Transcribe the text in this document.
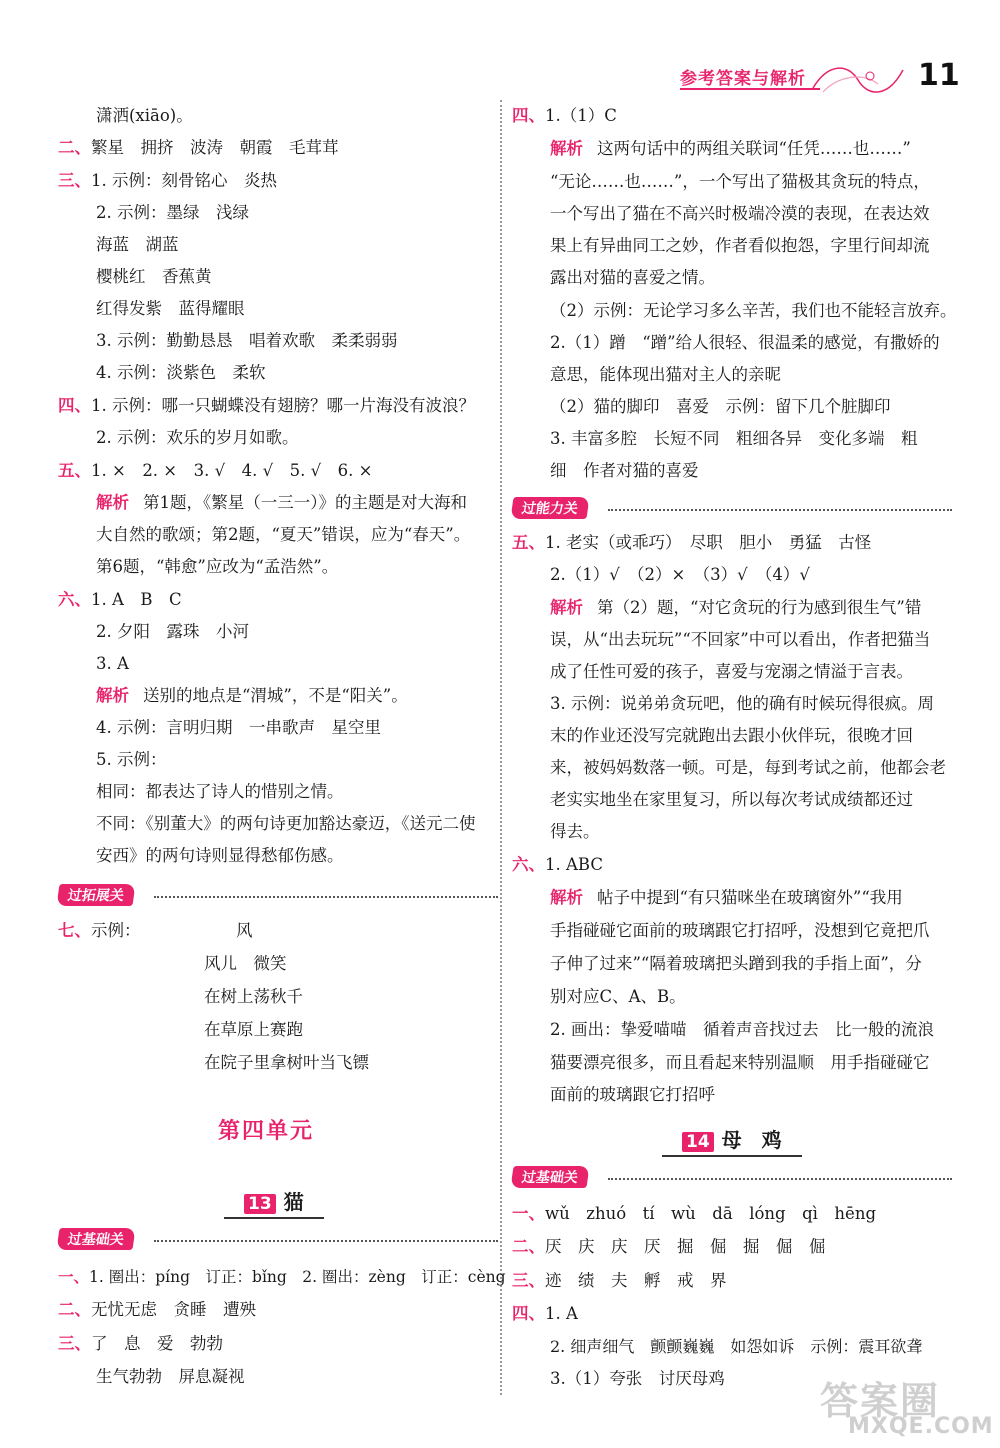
参考答案与解析	11
潇洒(xiāo)。
二、繁星　拥挤　波涛　朝霞　毛茸茸
三、1. 示例：刻骨铭心　炎热
2. 示例：墨绿　浅绿
海蓝　湖蓝
樱桃红　香蕉黄
红得发紫　蓝得耀眼
3. 示例：勤勤恳恳　唱着欢歌　柔柔弱弱
4. 示例：淡紫色　柔软
四、1. 示例：哪一只蝴蝶没有翅膀？哪一片海没有波浪？
2. 示例：欢乐的岁月如歌。
五、1. ×　2. ×　3. √　4. √　5. √　6. ×
解析 第1题，《繁星（一三一）》的主题是对大海和
大自然的歌颂；第2题，“夏天”错误，应为“春天”。
第6题，“韩愈”应改为“孟浩然”。
六、1. A　B　C
2. 夕阳　露珠　小河
3. A
解析 送别的地点是“渭城”，不是“阳关”。
4. 示例：言明归期　一串歌声　星空里
5. 示例：
相同：都表达了诗人的惜别之情。
不同：《别董大》的两句诗更加豁达豪迈，《送元二使
安西》的两句诗则显得愁郁伤感。
过拓展关
七、示例：	风
风儿　微笑
在树上荡秋千
在草原上赛跑
在院子里拿树叶当飞镖
第四单元
13 猫
过基础关
一、1. 圈出：píng　订正：bǐng　2. 圈出：zèng　订正：cèng
二、无忧无虑　贪睡　遭殃
三、了　息　爱　勃勃
生气勃勃　屏息凝视
四、1.（1）C
解析 这两句话中的两组关联词“任凭……也……”
“无论……也……”，一个写出了猫极其贪玩的特点，
一个写出了猫在不高兴时极端冷漠的表现，在表达效
果上有异曲同工之妙，作者看似抱怨，字里行间却流
露出对猫的喜爱之情。
（2）示例：无论学习多么辛苦，我们也不能轻言放弃。
2.（1）蹭　“蹭”给人很轻、很温柔的感觉，有撒娇的
意思，能体现出猫对主人的亲昵
（2）猫的脚印　喜爱　示例：留下几个脏脚印
3. 丰富多腔　长短不同　粗细各异　变化多端　粗
细　作者对猫的喜爱
过能力关
五、1. 老实（或乖巧）　尽职　胆小　勇猛　古怪
2.（1）√　（2）×　（3）√　（4）√
解析 第（2）题，“对它贪玩的行为感到很生气”错
误，从“出去玩玩”“不回家”中可以看出，作者把猫当
成了任性可爱的孩子，喜爱与宠溺之情溢于言表。
3. 示例：说弟弟贪玩吧，他的确有时候玩得很疯。周
末的作业还没写完就跑出去跟小伙伴玩，很晚才回
来，被妈妈数落一顿。可是，每到考试之前，他都会老
老实实地坐在家里复习，所以每次考试成绩都还过
得去。
六、1. ABC
解析 帖子中提到“有只猫咪坐在玻璃窗外”“我用
手指碰碰它面前的玻璃跟它打招呼，没想到它竟把爪
子伸了过来”“隔着玻璃把头蹭到我的手指上面”，分
别对应C、A、B。
2. 画出：挚爱喵喵　循着声音找过去　比一般的流浪
猫要漂亮很多，而且看起来特别温顺　用手指碰碰它
面前的玻璃跟它打招呼
14 母　鸡
过基础关
一、wǔ　zhuó　tí　wù　dā　lóng　qì　hēng
二、厌　庆　庆　厌　掘　倔　掘　倔　倔
三、迹　绩　夫　孵　戒　界
四、1. A
2. 细声细气　颤颤巍巍　如怨如诉　示例：震耳欲聋
3.（1）夸张　讨厌母鸡
答案圈
MXQE.COM
